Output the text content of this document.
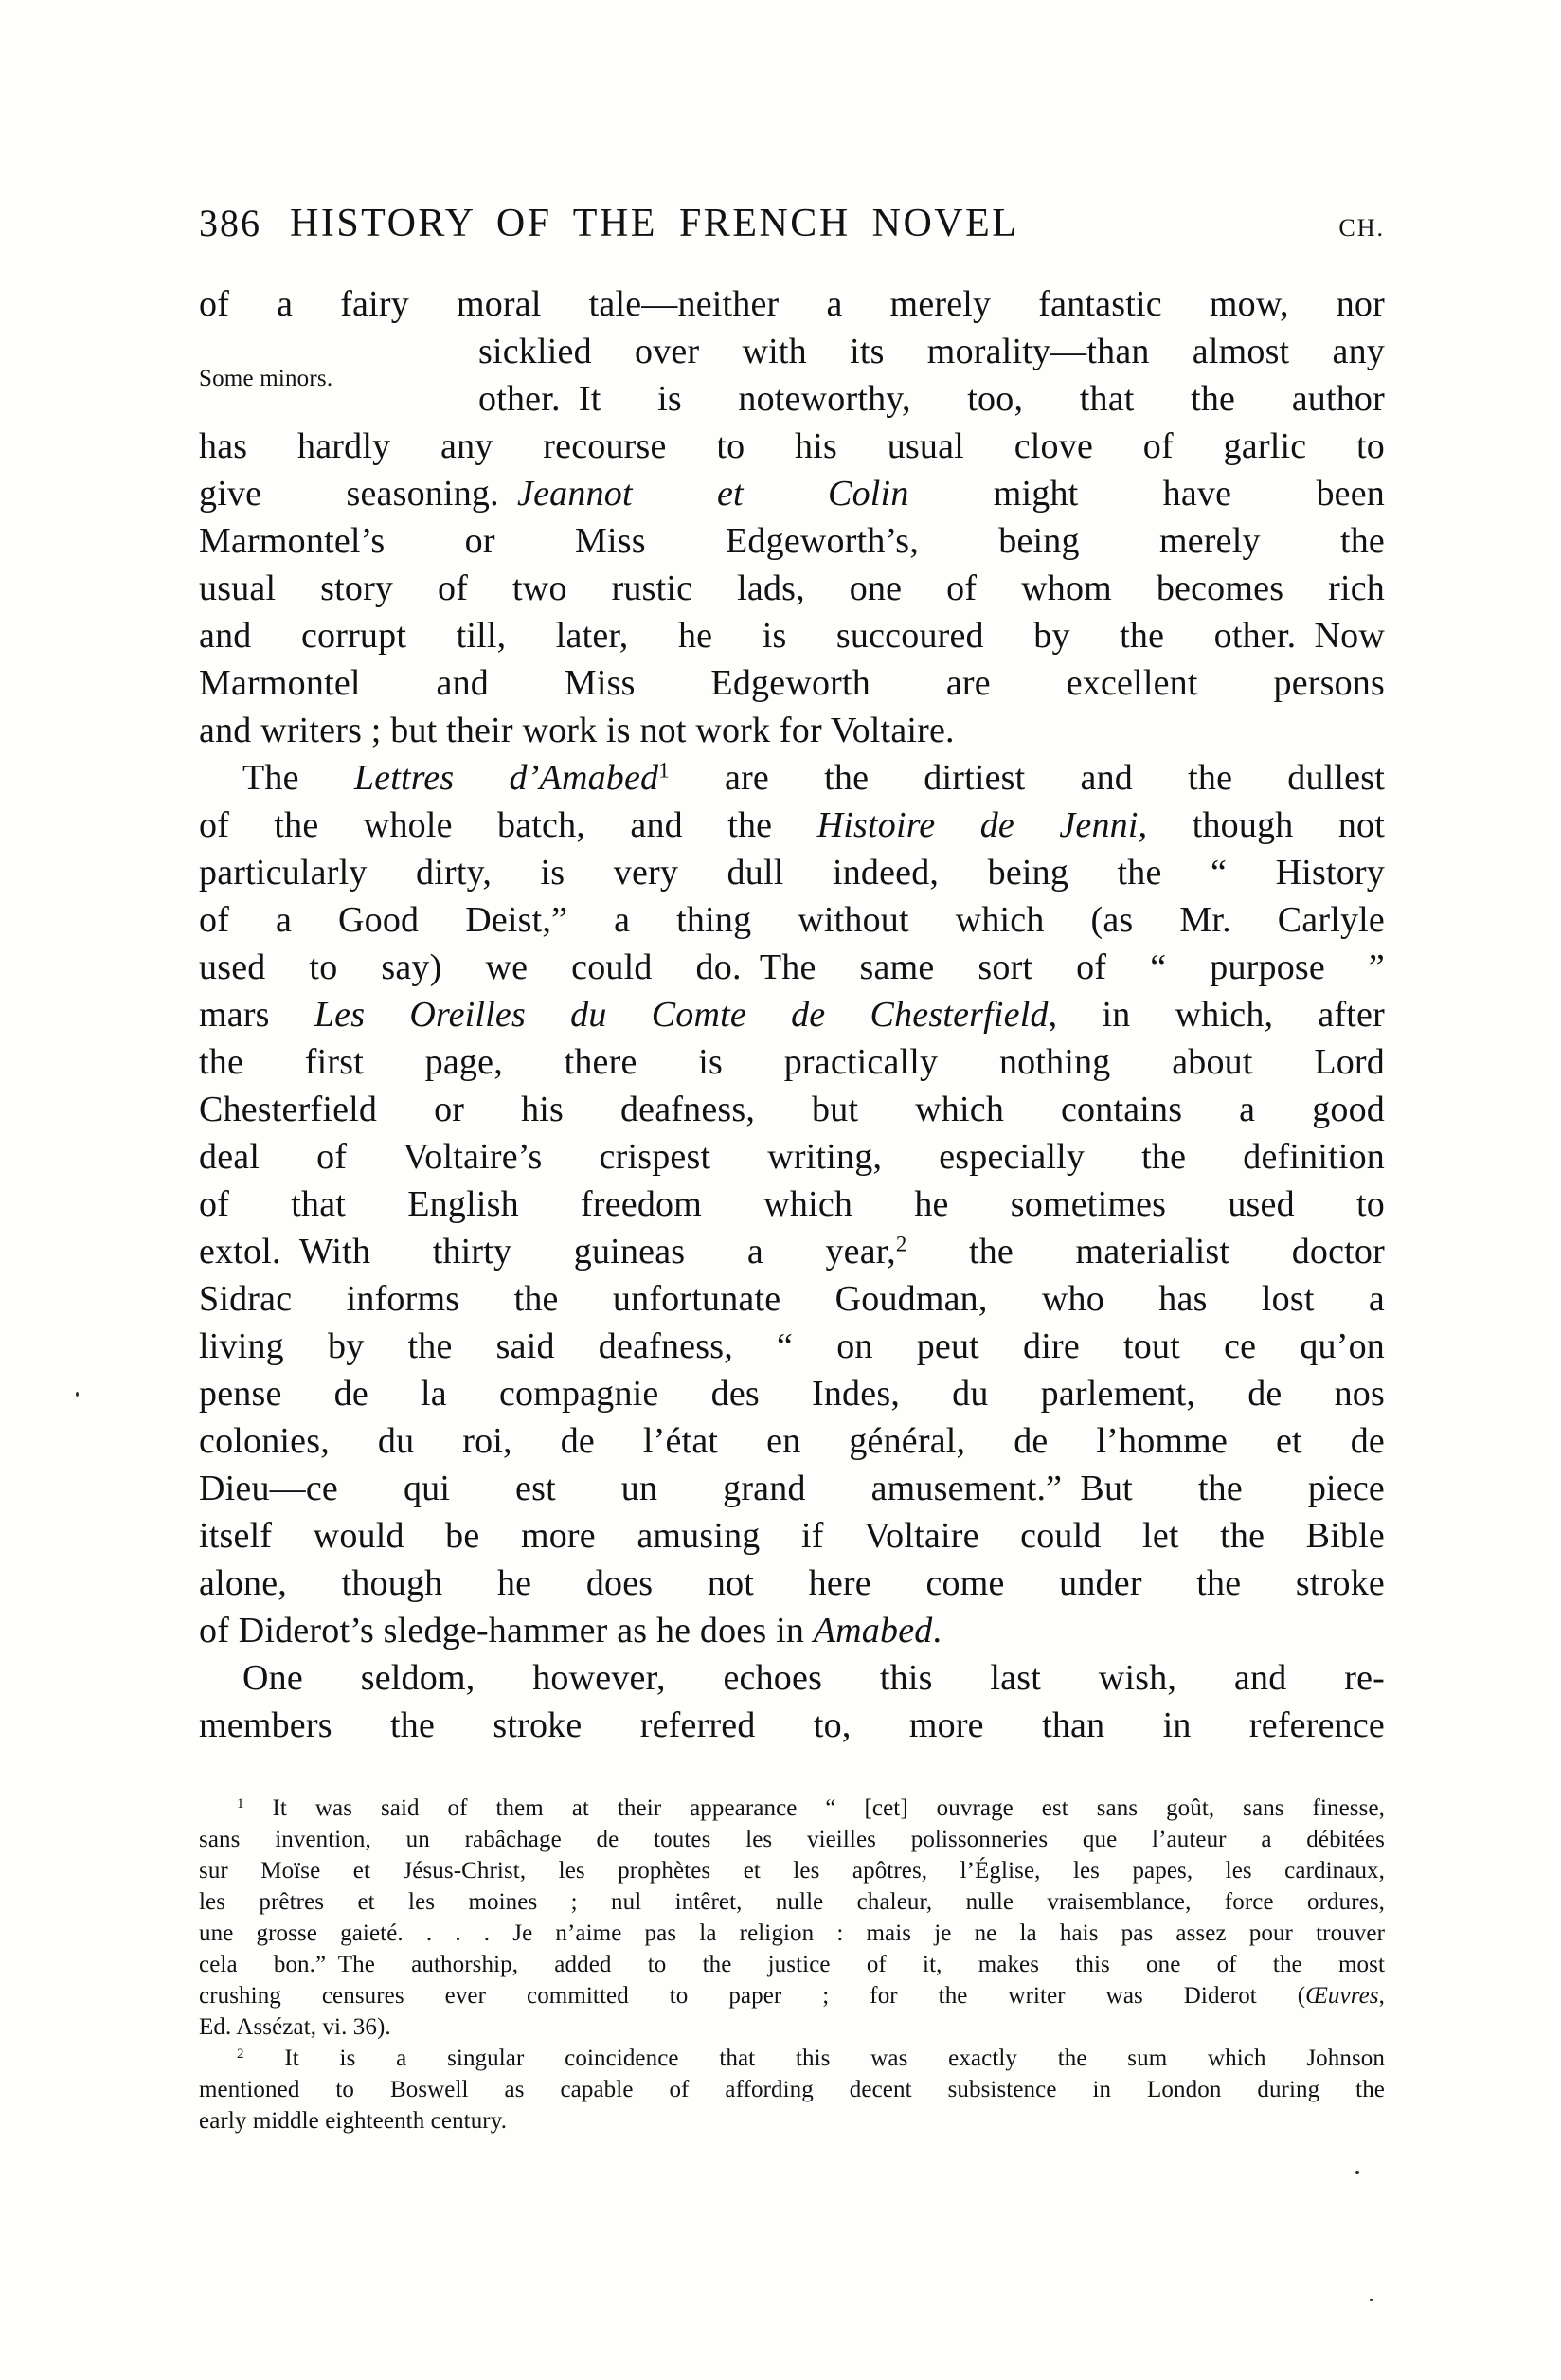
386 HISTORY OF THE FRENCH NOVEL	CH.
of a fairy moral tale—neither a merely fantastic mow, nor
Some minors.
sicklied over with its morality—than almost any
other. It is noteworthy, too, that the author
has hardly any recourse to his usual clove of garlic to
give seasoning. Jeannot et Colin might have been
Marmontel’s or Miss Edgeworth’s, being merely the
usual story of two rustic lads, one of whom becomes rich
and corrupt till, later, he is succoured by the other. Now
Marmontel and Miss Edgeworth are excellent persons
and writers ; but their work is not work for Voltaire.
The Lettres d’Amabed$^1$ are the dirtiest and the dullest
of the whole batch, and the Histoire de Jenni, though not
particularly dirty, is very dull indeed, being the “ History
of a Good Deist,” a thing without which (as Mr. Carlyle
used to say) we could do. The same sort of “ purpose ”
mars Les Oreilles du Comte de Chesterfield, in which, after
the first page, there is practically nothing about Lord
Chesterfield or his deafness, but which contains a good
deal of Voltaire’s crispest writing, especially the definition
of that English freedom which he sometimes used to
extol. With thirty guineas a year,$^2$ the materialist doctor
Sidrac informs the unfortunate Goudman, who has lost a
living by the said deafness, “ on peut dire tout ce qu’on
pense de la compagnie des Indes, du parlement, de nos
colonies, du roi, de l’état en général, de l’homme et de
Dieu—ce qui est un grand amusement.” But the piece
itself would be more amusing if Voltaire could let the Bible
alone, though he does not here come under the stroke
of Diderot’s sledge-hammer as he does in Amabed.
One seldom, however, echoes this last wish, and re-
members the stroke referred to, more than in reference
$^1$ It was said of them at their appearance “ [cet] ouvrage est sans goût, sans finesse,
sans invention, un rabâchage de toutes les vieilles polissonneries que l’auteur a débitées
sur Moïse et Jésus-Christ, les prophètes et les apôtres, l’Église, les papes, les cardinaux,
les prêtres et les moines ; nul intêret, nulle chaleur, nulle vraisemblance, force ordures,
une grosse gaieté. . . . Je n’aime pas la religion : mais je ne la hais pas assez pour trouver
cela bon.” The authorship, added to the justice of it, makes this one of the most
crushing censures ever committed to paper ; for the writer was Diderot (Œuvres,
Ed. Assézat, vi. 36).
$^2$ It is a singular coincidence that this was exactly the sum which Johnson
mentioned to Boswell as capable of affording decent subsistence in London during the
early middle eighteenth century.
